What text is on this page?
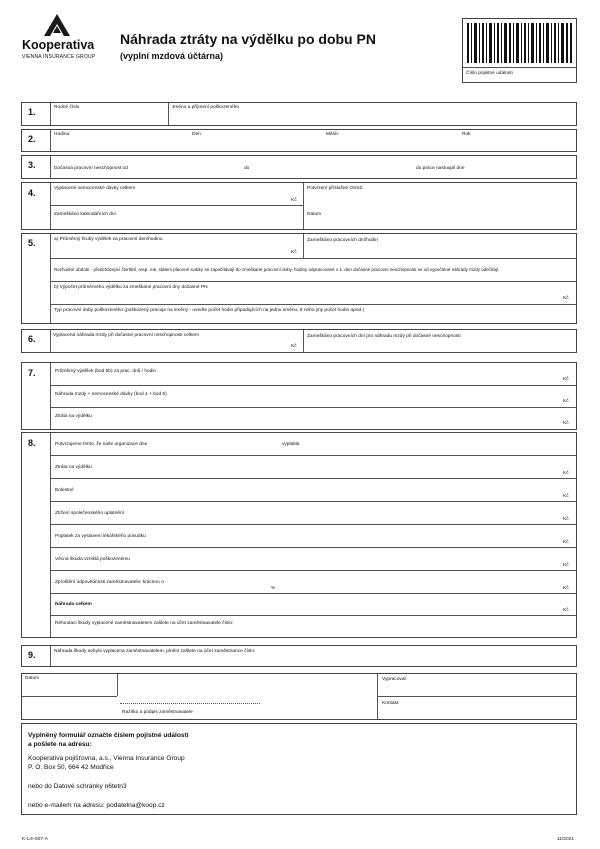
Kooperativa
VIENNA INSURANCE GROUP
Náhrada ztráty na výdělku po dobu PN
(vyplní mzdová účtárna)
Číslo pojistné události
1.	Rodné číslo	Jméno a příjmení poškozeného
2.	Hodina	Den	Měsíc	Rok
3.	Dočasná pracovní neschopnost od	do	do práce nastoupil dne
4.	Vyplacené nemocenské dávky celkem
Kč
Zameškáno kalendářních dní
Potvrzení příslušné OSSZ
Datum
5.	a) Průměrný hrubý výdělek za pracovní den/hodinu
Kč
Zameškáno pracovních dní/hodin
Rozhodné období - předcházející čtvrtletí, resp. rok, státem placené svátky se započítávají do zmeškané pracovní doby, hodiny odpracované v 1. den dočasné pracovní neschopnosti se od vypočtené náhrady mzdy odečítají.
b) Výpočet průměrného výdělku za zmeškané pracovní dny dočasné PN
Kč
Typ pracovní doby poškozeného (poškozený pracuje na směny - uveďte počet hodin připadajících na jednu směnu, 8 nebo jiný počet hodin apod.)
6.	Vyplacená náhrada mzdy při dočasné pracovní neschopnosti celkem
Kč
Zameškáno pracovních dní pro náhradu mzdy při dočasné neschopnosti
7.	Průměrný výdělek (bod 5b) za prac. dnů / hodin
Kč
Náhrada mzdy + nemocenské dávky (bod 4 + bod 6)
Kč
Ztráta na výdělku
Kč
8.	Potvrzujeme tímto, že naše organizace dne	vyplatila
Ztráta na výdělku
Kč
Bolestné
Kč
Ztížení společenského uplatnění
Kč
Poplatek za vystavení lékařského posudku
Kč
Věcná škoda vzniklá poškozenému
Kč
Zproštění odpovědnosti zaměstnavatele: kráceno o
%	Kč
Náhrada celkem
Kč
Refundaci škody vyplacené zaměstnavatelem zašlete na účet zaměstnavatele číslo:
9.	Náhrada škody nebyla vyplacena zaměstnavatelem, plnění zašlete na účet zaměstnance číslo:
Datum
Razítko a podpis zaměstnavatele
Vypracoval:
Kontakt:
Vyplněný formulář označte číslem pojistné události
a pošlete na adresu:
Kooperativa pojišťovna, a.s., Vienna Insurance Group
P. O. Box 50, 664 42 Modřice
nebo do Datové schránky n6tetn3
nebo e-mailem na adresu: podatelna@koop.cz
K-Lm-507-A	11/2021
